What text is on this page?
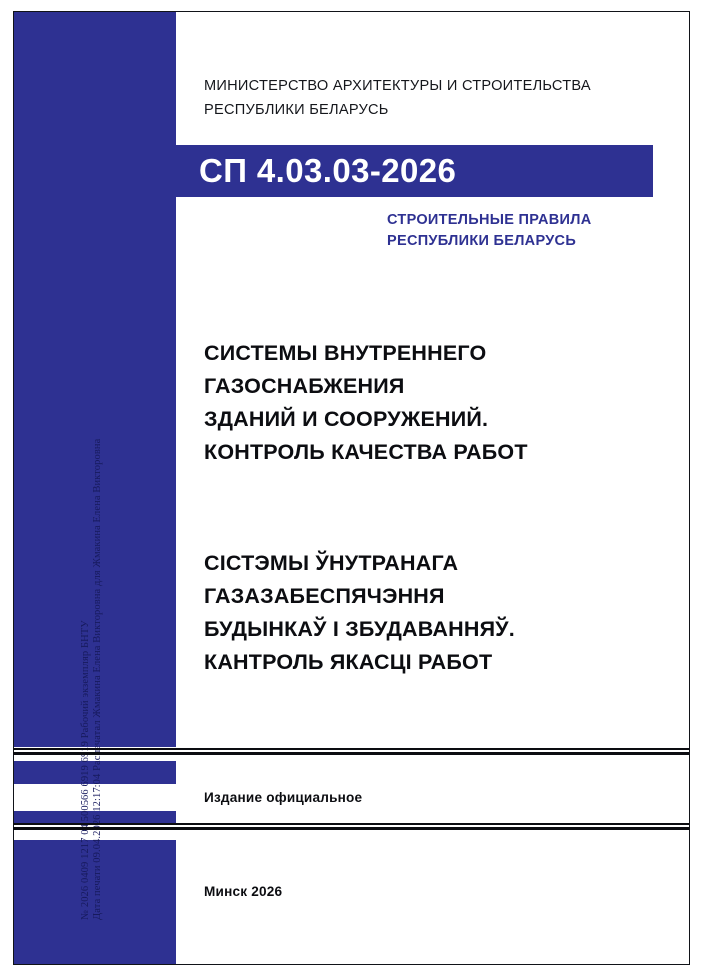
№ 2026 0409 1217 04 500566 6919 6919 Рабочий экземпляр БНТУ Дата печати 09.04.2026 12:17:04 Распечатал Жмакина Елена Викторовна для Жмакина Елена Викторовна
МИНИСТЕРСТВО АРХИТЕКТУРЫ И СТРОИТЕЛЬСТВА
РЕСПУБЛИКИ БЕЛАРУСЬ
СП 4.03.03-2026
СТРОИТЕЛЬНЫЕ ПРАВИЛА
РЕСПУБЛИКИ БЕЛАРУСЬ
СИСТЕМЫ ВНУТРЕННЕГО
ГАЗОСНАБЖЕНИЯ
ЗДАНИЙ И СООРУЖЕНИЙ.
КОНТРОЛЬ КАЧЕСТВА РАБОТ
СІСТЭМЫ ЎНУТРАНАГА
ГАЗАЗАБЕСПЯЧЭННЯ
БУДЫНКАЎ І ЗБУДАВАННЯЎ.
КАНТРОЛЬ ЯКАСЦІ РАБОТ
Издание официальное
Минск 2026
